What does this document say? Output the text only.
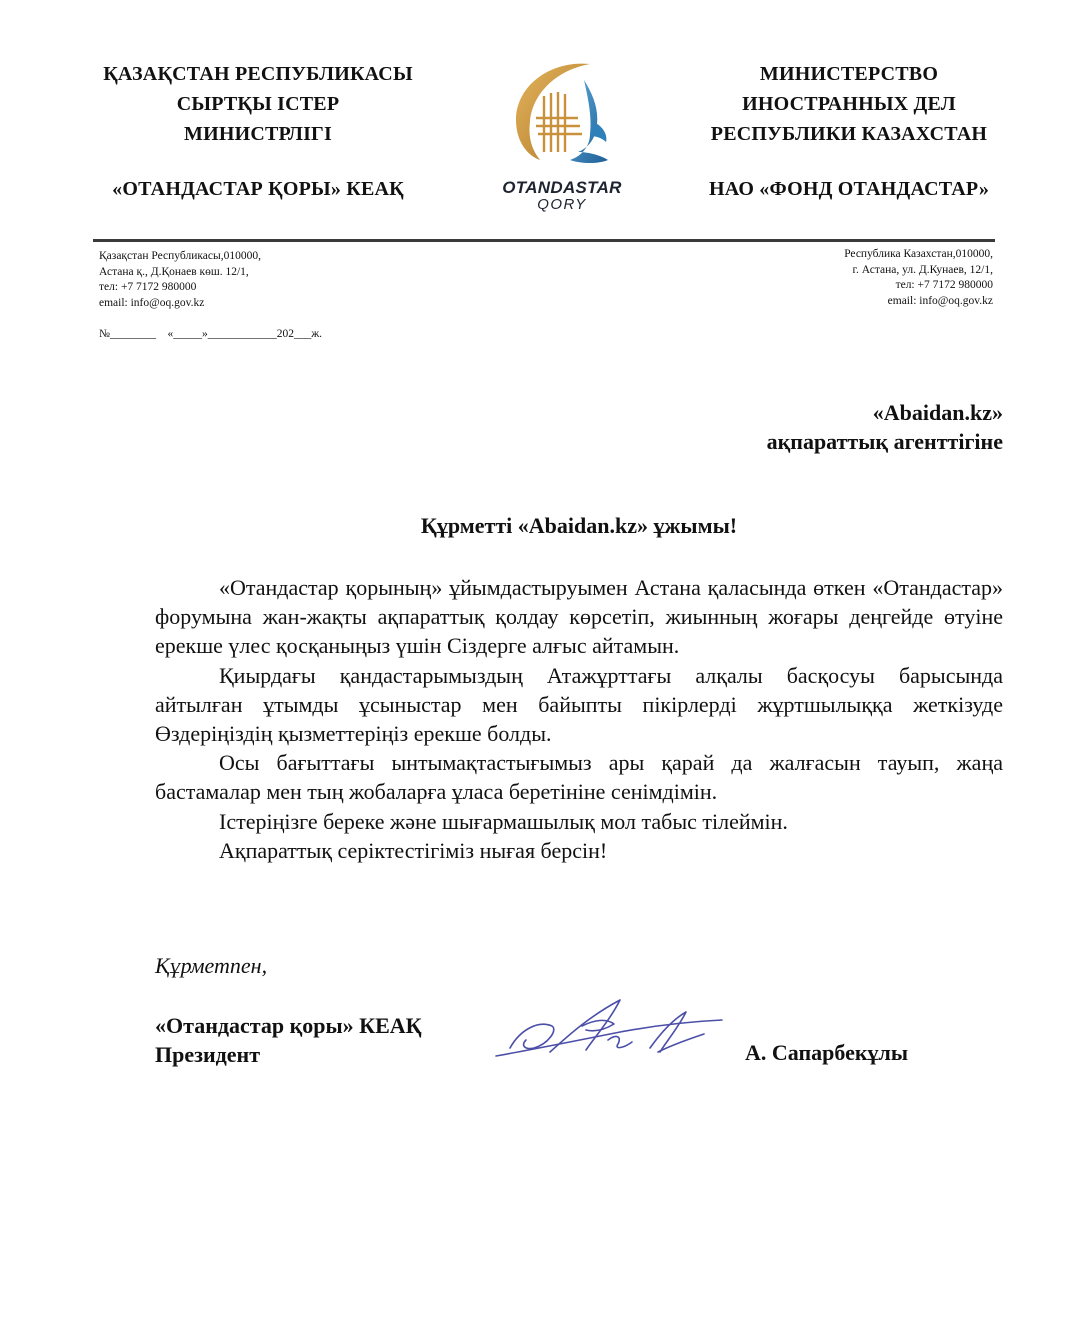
ҚАЗАҚСТАН РЕСПУБЛИКАСЫ
СЫРТҚЫ ІСТЕР
МИНИСТРЛІГІ
«ОТАНДАСТАР ҚОРЫ» КЕАҚ	OTANDASTAR
QORY
МИНИСТЕРСТВО
ИНОСТРАННЫХ ДЕЛ
РЕСПУБЛИКИ КАЗАХСТАН
НАО «ФОНД ОТАНДАСТАР»
Қазақстан Республикасы,010000,
Астана қ., Д.Қонаев көш. 12/1,
тел: +7 7172 980000
email: info@oq.gov.kz
Республика Казахстан,010000,
г. Астана, ул. Д.Кунаев, 12/1,
тел: +7 7172 980000
email: info@oq.gov.kz
№________    «_____»____________202___ж.
«Abaidan.kz»
ақпараттық агенттігіне
Құрметті «Abaidan.kz» ұжымы!

«Отандастар қорының» ұйымдастыруымен Астана қаласында өткен «Отандастар» форумына жан-жақты ақпараттық қолдау көрсетіп, жиынның жоғары деңгейде өтуіне ерекше үлес қосқаныңыз үшін Сіздерге алғыс айтамын.

Қиырдағы қандастарымыздың Атажұрттағы алқалы басқосуы барысында айтылған ұтымды ұсыныстар мен байыпты пікірлерді жұртшылыққа жеткізуде Өздеріңіздің қызметтеріңіз ерекше болды.

Осы бағыттағы ынтымақтастығымыз ары қарай да жалғасын тауып, жаңа бастамалар мен тың жобаларға ұласа беретініне сенімдімін.

Істеріңізге береке және шығармашылық мол табыс тілеймін.

Ақпараттық серіктестігіміз нығая берсін!

Құрметпен,
«Отандастар қоры» КЕАҚ
Президент	А. Сапарбекұлы
